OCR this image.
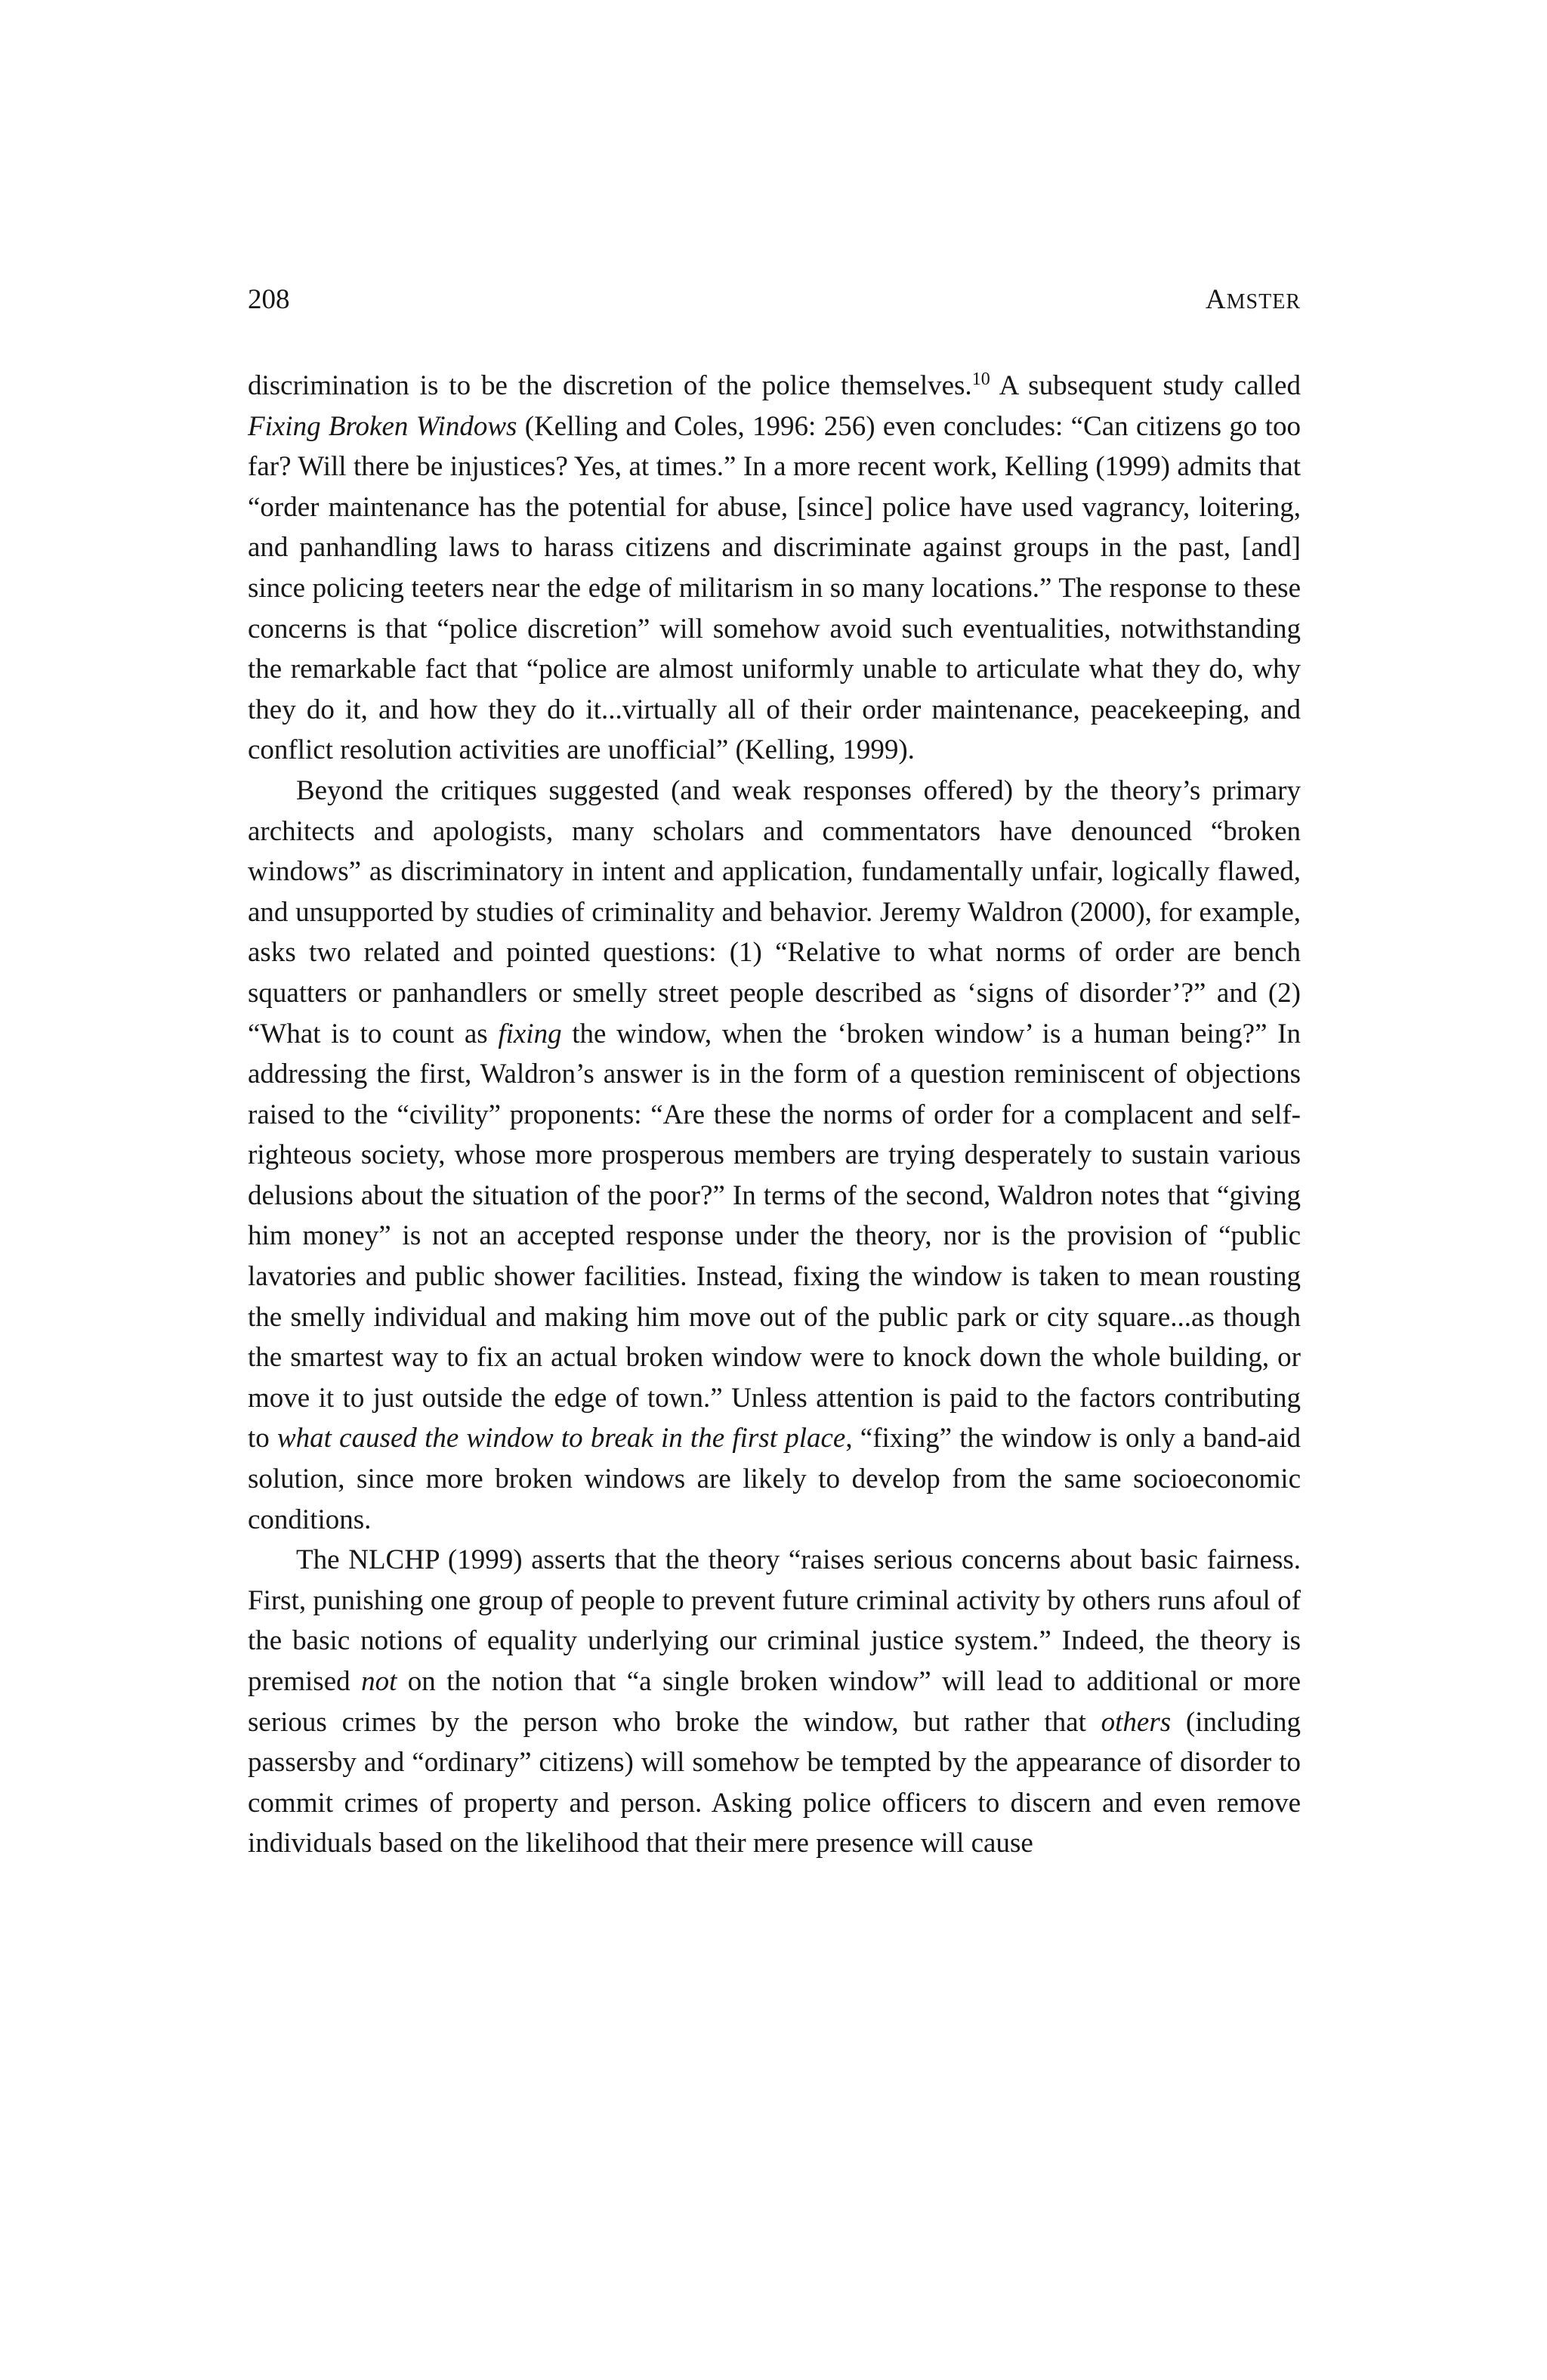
208	AMSTER

discrimination is to be the discretion of the police themselves.$^{10}$ A subsequent study called Fixing Broken Windows (Kelling and Coles, 1996: 256) even concludes: “Can citizens go too far? Will there be injustices? Yes, at times.” In a more recent work, Kelling (1999) admits that “order maintenance has the potential for abuse, [since] police have used vagrancy, loitering, and panhandling laws to harass citizens and discriminate against groups in the past, [and] since policing teeters near the edge of militarism in so many locations.” The response to these concerns is that “police discretion” will somehow avoid such eventualities, notwithstanding the remarkable fact that “police are almost uniformly unable to articulate what they do, why they do it, and how they do it...virtually all of their order maintenance, peacekeeping, and conflict resolution activities are unofficial” (Kelling, 1999).

Beyond the critiques suggested (and weak responses offered) by the theory’s primary architects and apologists, many scholars and commentators have denounced “broken windows” as discriminatory in intent and application, fundamentally unfair, logically flawed, and unsupported by studies of criminality and behavior. Jeremy Waldron (2000), for example, asks two related and pointed questions: (1) “Relative to what norms of order are bench squatters or panhandlers or smelly street people described as ‘signs of disorder’?” and (2) “What is to count as fixing the window, when the ‘broken window’ is a human being?” In addressing the first, Waldron’s answer is in the form of a question reminiscent of objections raised to the “civility” proponents: “Are these the norms of order for a complacent and self-righteous society, whose more prosperous members are trying desperately to sustain various delusions about the situation of the poor?” In terms of the second, Waldron notes that “giving him money” is not an accepted response under the theory, nor is the provision of “public lavatories and public shower facilities. Instead, fixing the window is taken to mean rousting the smelly individual and making him move out of the public park or city square...as though the smartest way to fix an actual broken window were to knock down the whole building, or move it to just outside the edge of town.” Unless attention is paid to the factors contributing to what caused the window to break in the first place, “fixing” the window is only a band-aid solution, since more broken windows are likely to develop from the same socioeconomic conditions.

The NLCHP (1999) asserts that the theory “raises serious concerns about basic fairness. First, punishing one group of people to prevent future criminal activity by others runs afoul of the basic notions of equality underlying our criminal justice system.” Indeed, the theory is premised not on the notion that “a single broken window” will lead to additional or more serious crimes by the person who broke the window, but rather that others (including passersby and “ordinary” citizens) will somehow be tempted by the appearance of disorder to commit crimes of property and person. Asking police officers to discern and even remove individuals based on the likelihood that their mere presence will cause
